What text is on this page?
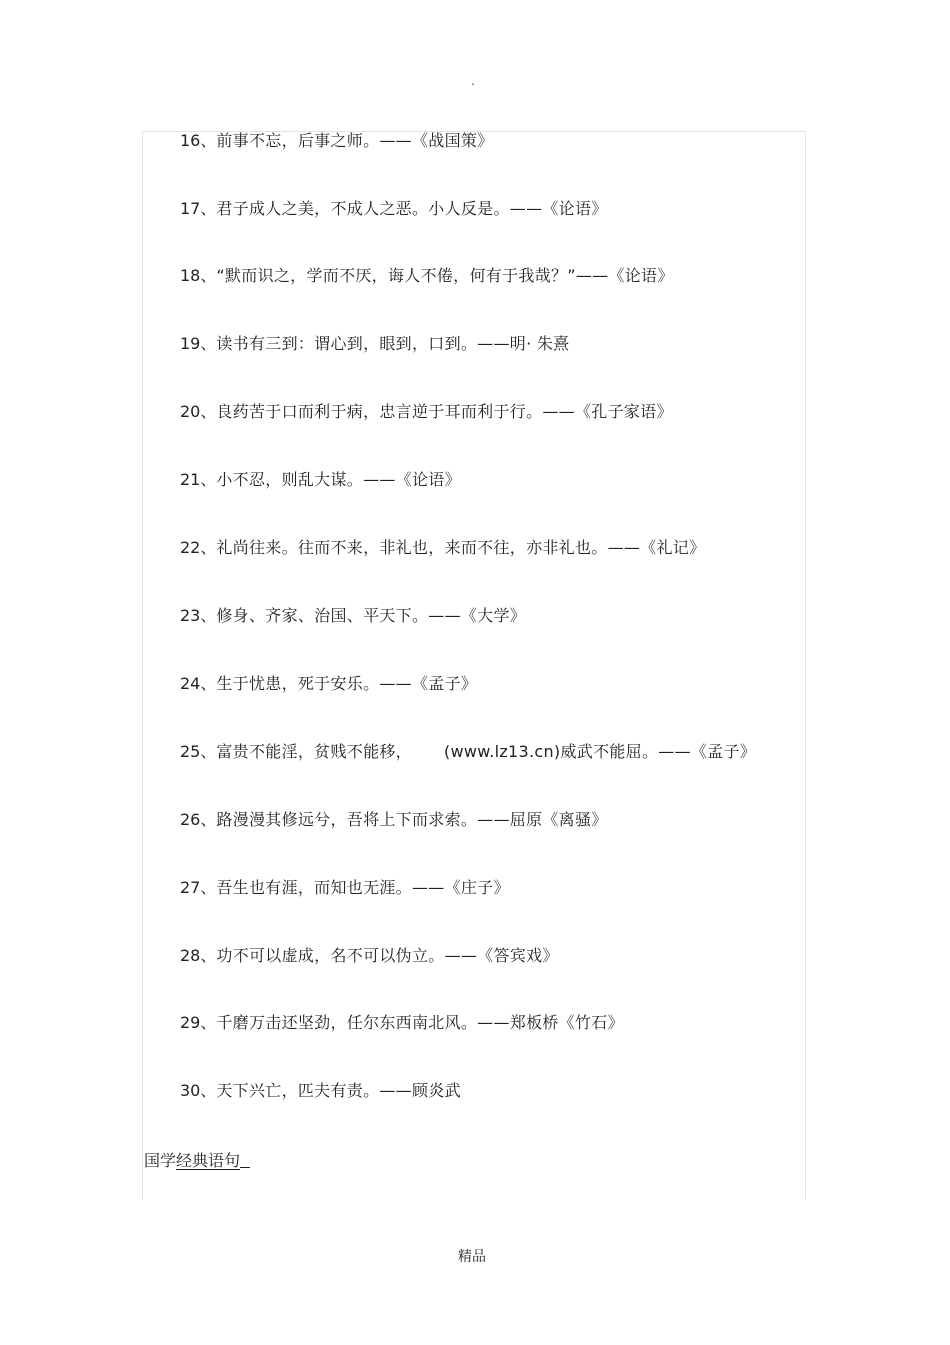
.
16、前事不忘，后事之师。——《战国策》
17、君子成人之美，不成人之恶。小人反是。——《论语》
18、“默而识之，学而不厌，诲人不倦，何有于我哉？”——《论语》
19、读书有三到：谓心到，眼到，口到。——明· 朱熹
20、良药苦于口而利于病，忠言逆于耳而利于行。——《孔子家语》
21、小不忍，则乱大谋。——《论语》
22、礼尚往来。往而不来，非礼也，来而不往，亦非礼也。——《礼记》
23、修身、齐家、治国、平天下。——《大学》
24、生于忧患，死于安乐。——《孟子》
25、富贵不能淫，贫贱不能移， (www.lz13.cn)威武不能屈。——《孟子》
26、路漫漫其修远兮，吾将上下而求索。——屈原《离骚》
27、吾生也有涯，而知也无涯。——《庄子》
28、功不可以虚成，名不可以伪立。——《答宾戏》
29、千磨万击还坚劲，任尔东西南北风。——郑板桥《竹石》
30、天下兴亡，匹夫有责。——顾炎武
国学经典语句
精品
